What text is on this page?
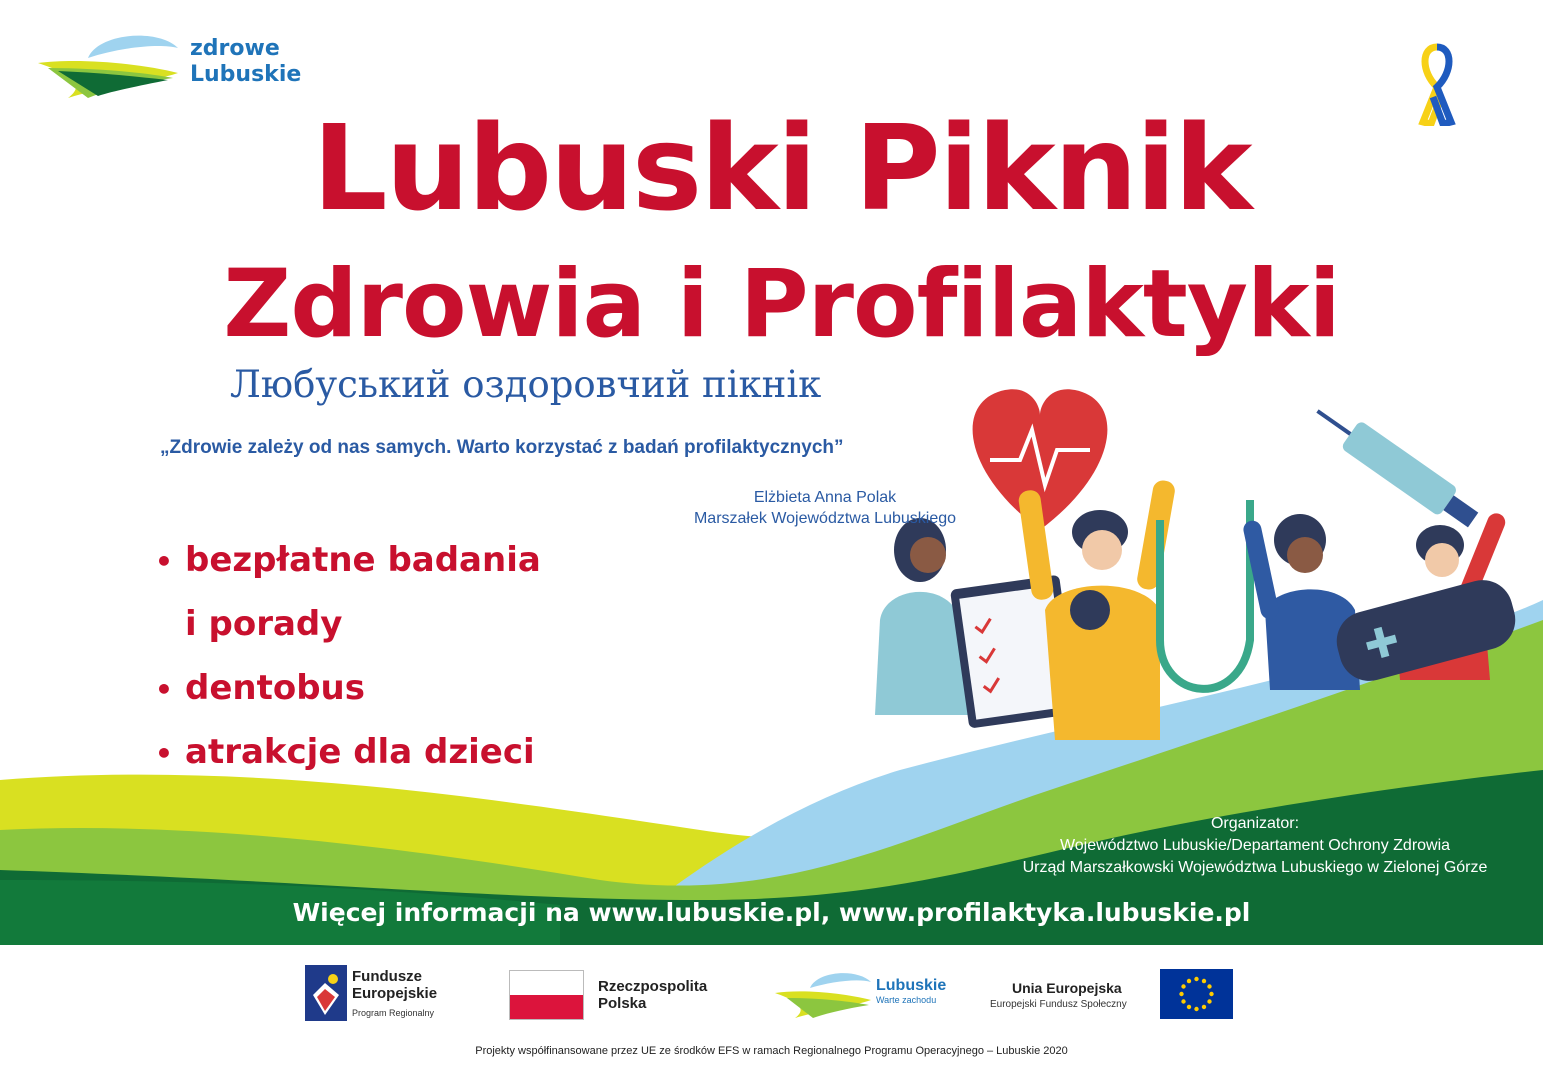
zdrowe
Lubuskie
Lubuski Piknik
Zdrowia i Profilaktyki
Любуський оздоровчий пікнік
„Zdrowie zależy od nas samych. Warto korzystać z badań profilaktycznych”
Elżbieta Anna Polak
Marszałek Województwa Lubuskiego
• bezpłatne badania
i porady
• dentobus
• atrakcje dla dzieci
Organizator:
Województwo Lubuskie/Departament Ochrony Zdrowia
Urząd Marszałkowski Województwa Lubuskiego w Zielonej Górze
Więcej informacji na www.lubuskie.pl, www.profilaktyka.lubuskie.pl
Fundusze
Europejskie
Program Regionalny
Rzeczpospolita
Polska
Lubuskie
Warte zachodu
Unia Europejska
Europejski Fundusz Społeczny
Projekty współfinansowane przez UE ze środków EFS w ramach Regionalnego Programu Operacyjnego – Lubuskie 2020
